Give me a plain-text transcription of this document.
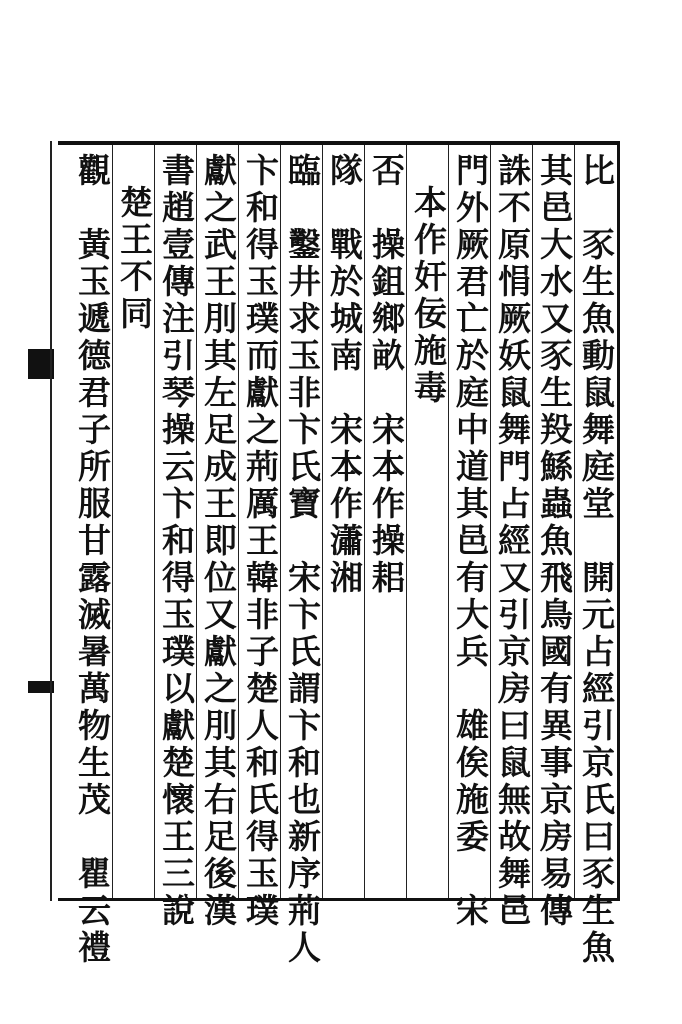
比　豕生魚動鼠舞庭堂　開元占經引京氏曰豕生魚
其邑大水又豕生羖鯀蟲魚飛鳥國有異事京房易傳
誅不原悁厥妖鼠舞門占經又引京房曰鼠無故舞邑
門外厥君亡於庭中道其邑有大兵　雄俟施委　宋
本作奸佞施毒
否　操鉏鄉畝　宋本作操耜
隊　戰於城南　宋本作瀟湘
臨　鑿井求玉非卞氏寶　宋卞氏謂卞和也新序荊人
卞和得玉璞而獻之荊厲王韓非子楚人和氏得玉璞
獻之武王刖其左足成王即位又獻之刖其右足後漢
書趙壹傳注引琴操云卞和得玉璞以獻楚懷王三說
楚王不同
觀　黃玉遞德君子所服甘露滅暑萬物生茂　瞿云禮
